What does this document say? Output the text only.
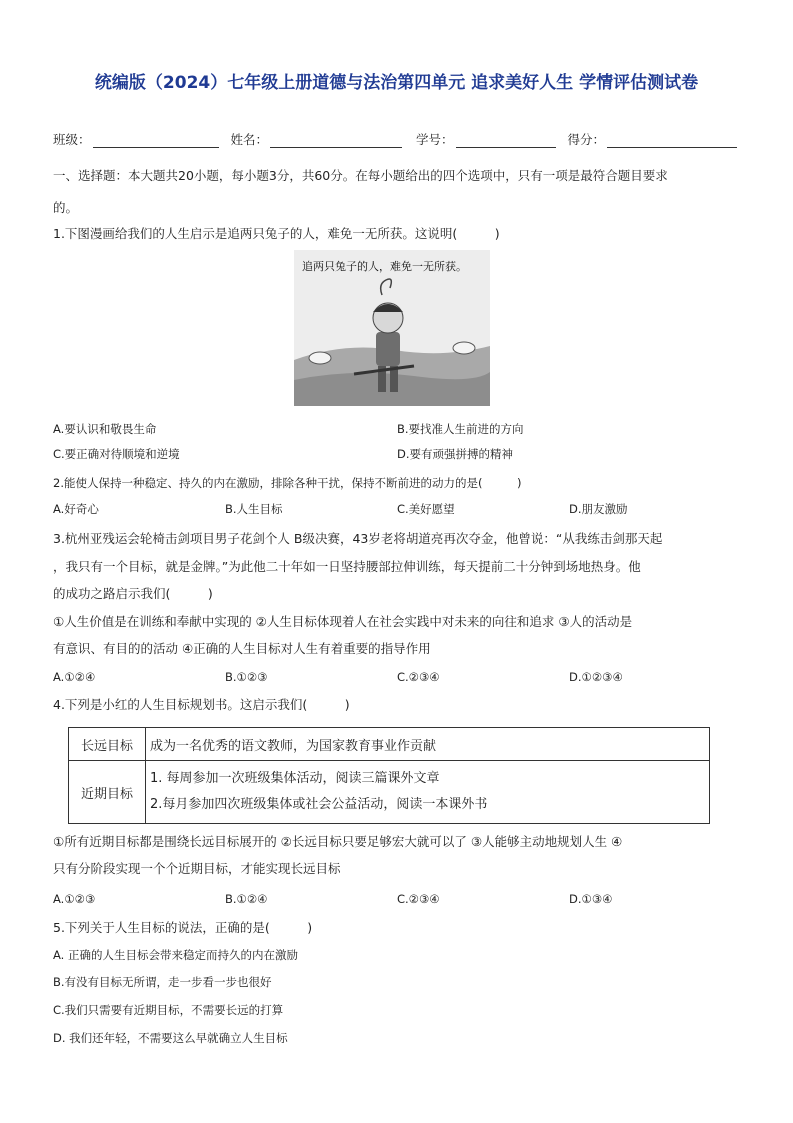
统编版（2024）七年级上册道德与法治第四单元 追求美好人生 学情评估测试卷
班级：	姓名：	学号：	得分：
一、选择题：本大题共20小题，每小题3分，共60分。在每小题给出的四个选项中，只有一项是最符合题目要求
的。
1.下图漫画给我们的人生启示是追两只兔子的人，难免一无所获。这说明(　　　)
追两只兔子的人，难免一无所获。
A.要认识和敬畏生命	B.要找准人生前进的方向
C.要正确对待顺境和逆境	D.要有顽强拼搏的精神
2.能使人保持一种稳定、持久的内在激励，排除各种干扰，保持不断前进的动力的是(　　　)
A.好奇心	B.人生目标	C.美好愿望	D.朋友激励
3.杭州亚残运会轮椅击剑项目男子花剑个人 B级决赛，43岁老将胡道亮再次夺金，他曾说：“从我练击剑那天起
，我只有一个目标，就是金牌。”为此他二十年如一日坚持腰部拉伸训练，每天提前二十分钟到场地热身。他
的成功之路启示我们(　　　)
①人生价值是在训练和奉献中实现的 ②人生目标体现着人在社会实践中对未来的向往和追求 ③人的活动是
有意识、有目的的活动 ④正确的人生目标对人生有着重要的指导作用
A.①②④	B.①②③	C.②③④	D.①②③④
4.下列是小红的人生目标规划书。这启示我们(　　　)
长远目标	成为一名优秀的语文教师，为国家教育事业作贡献
近期目标	1. 每周参加一次班级集体活动，阅读三篇课外文章
2.每月参加四次班级集体或社会公益活动，阅读一本课外书
①所有近期目标都是围绕长远目标展开的 ②长远目标只要足够宏大就可以了 ③人能够主动地规划人生 ④
只有分阶段实现一个个近期目标，才能实现长远目标
A.①②③	B.①②④	C.②③④	D.①③④
5.下列关于人生目标的说法，正确的是(　　　)
A. 正确的人生目标会带来稳定而持久的内在激励
B.有没有目标无所谓，走一步看一步也很好
C.我们只需要有近期目标，不需要长远的打算
D. 我们还年轻，不需要这么早就确立人生目标
